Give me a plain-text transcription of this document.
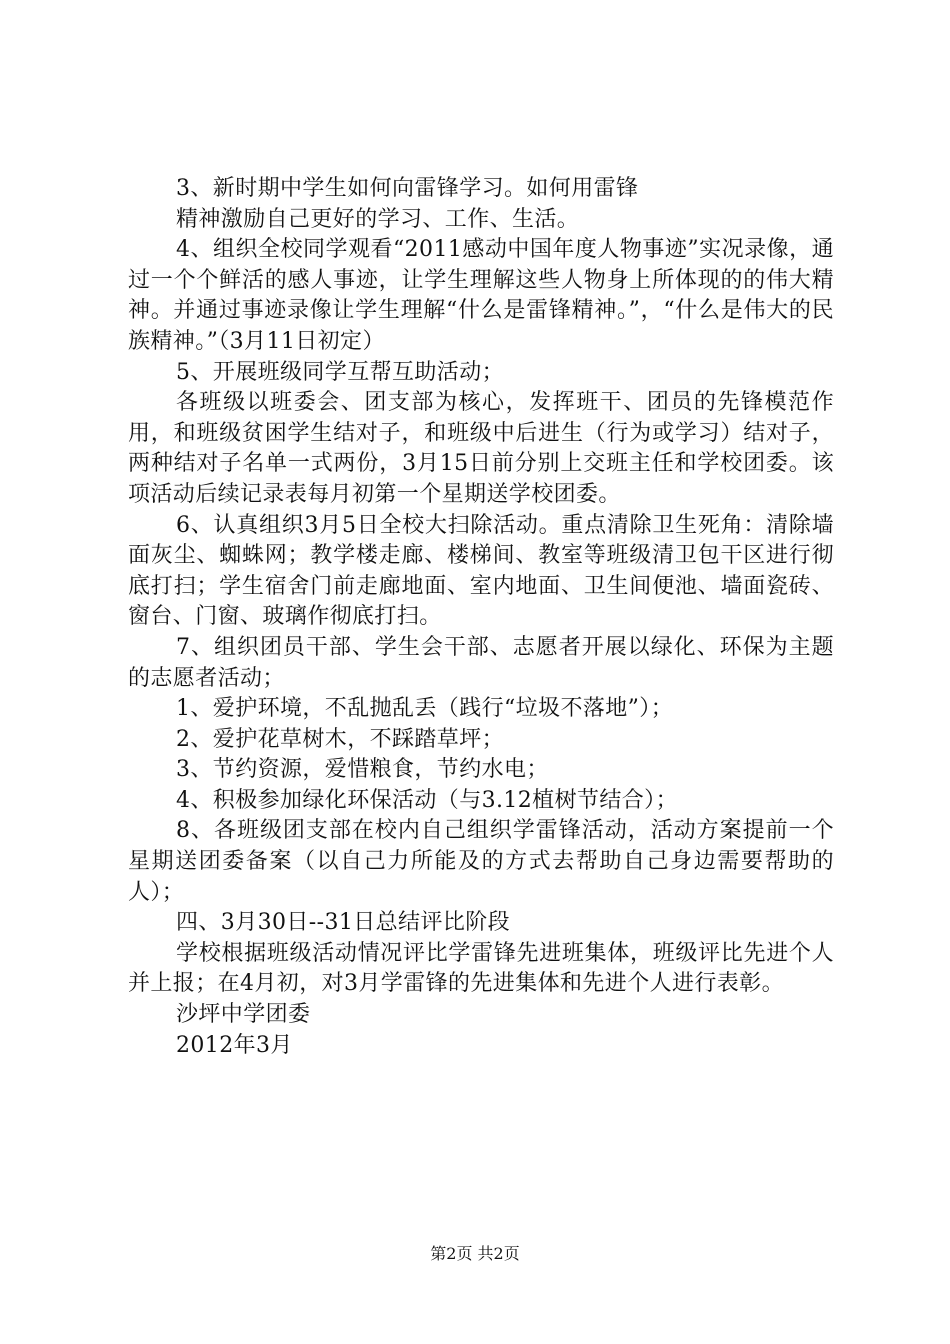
3、新时期中学生如何向雷锋学习。如何用雷锋

精神激励自己更好的学习、工作、生活。

4、组织全校同学观看“2011感动中国年度人物事迹”实况录像，通过一个个鲜活的感人事迹，让学生理解这些人物身上所体现的的伟大精神。并通过事迹录像让学生理解“什么是雷锋精神。”，“什么是伟大的民族精神。”（3月11日初定）

5、开展班级同学互帮互助活动；

各班级以班委会、团支部为核心，发挥班干、团员的先锋模范作用，和班级贫困学生结对子，和班级中后进生（行为或学习）结对子，两种结对子名单一式两份，3月15日前分别上交班主任和学校团委。该项活动后续记录表每月初第一个星期送学校团委。

6、认真组织3月5日全校大扫除活动。重点清除卫生死角：清除墙面灰尘、蜘蛛网；教学楼走廊、楼梯间、教室等班级清卫包干区进行彻底打扫；学生宿舍门前走廊地面、室内地面、卫生间便池、墙面瓷砖、窗台、门窗、玻璃作彻底打扫。

7、组织团员干部、学生会干部、志愿者开展以绿化、环保为主题的志愿者活动；

1、爱护环境，不乱抛乱丢（践行“垃圾不落地”）；

2、爱护花草树木，不踩踏草坪；

3、节约资源，爱惜粮食，节约水电；

4、积极参加绿化环保活动（与3.12植树节结合）；

8、各班级团支部在校内自己组织学雷锋活动，活动方案提前一个星期送团委备案（以自己力所能及的方式去帮助自己身边需要帮助的人）；

四、3月30日--31日总结评比阶段

学校根据班级活动情况评比学雷锋先进班集体，班级评比先进个人并上报；在4月初，对3月学雷锋的先进集体和先进个人进行表彰。

沙坪中学团委

2012年3月

第2页 共2页
